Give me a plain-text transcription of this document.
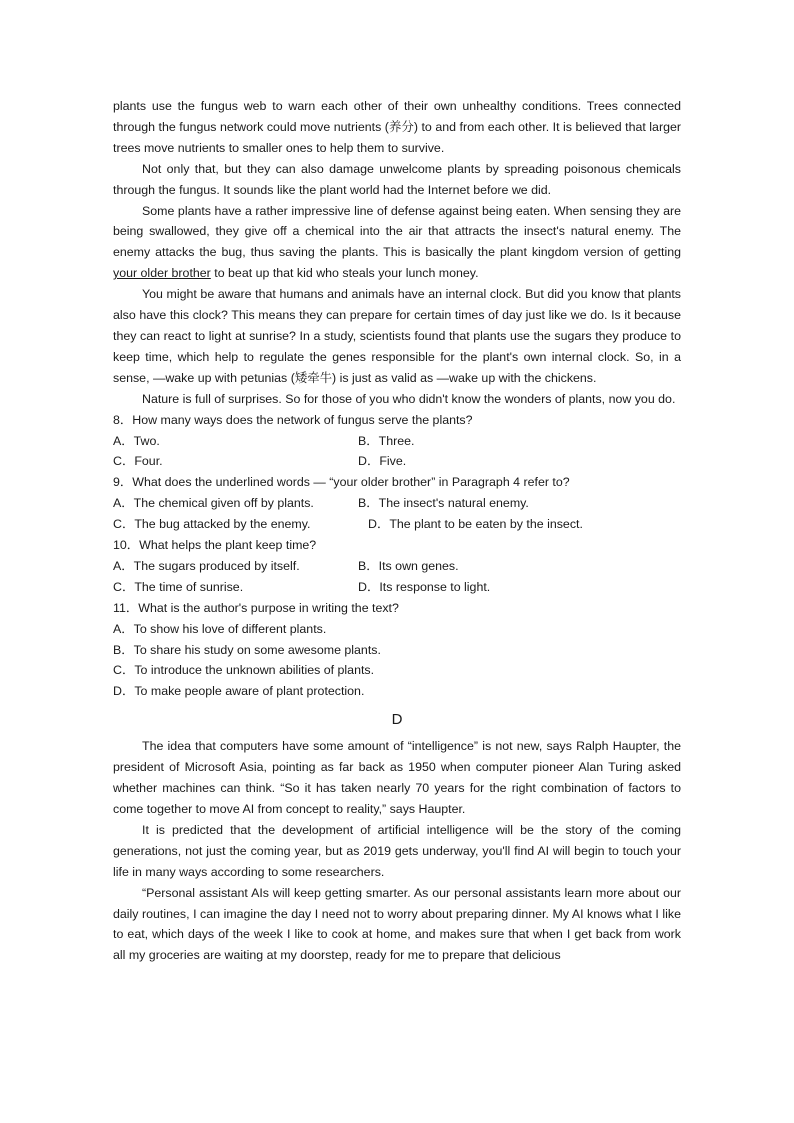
plants use the fungus web to warn each other of their own unhealthy conditions. Trees connected through the fungus network could move nutrients (养分) to and from each other. It is believed that larger trees move nutrients to smaller ones to help them to survive.

Not only that, but they can also damage unwelcome plants by spreading poisonous chemicals through the fungus. It sounds like the plant world had the Internet before we did.

Some plants have a rather impressive line of defense against being eaten. When sensing they are being swallowed, they give off a chemical into the air that attracts the insect's natural enemy. The enemy attacks the bug, thus saving the plants. This is basically the plant kingdom version of getting your older brother to beat up that kid who steals your lunch money.

You might be aware that humans and animals have an internal clock. But did you know that plants also have this clock? This means they can prepare for certain times of day just like we do. Is it because they can react to light at sunrise? In a study, scientists found that plants use the sugars they produce to keep time, which help to regulate the genes responsible for the plant's own internal clock. So, in a sense, —wake up with petunias (矮牵牛) is just as valid as —wake up with the chickens.

Nature is full of surprises. So for those of you who didn't know the wonders of plants, now you do.

8．How many ways does the network of fungus serve the plants?
A．Two.	B．Three.
C．Four.	D．Five.
9．What does the underlined words — “your older brother” in Paragraph 4 refer to?
A．The chemical given off by plants.	B．The insect's natural enemy.
C．The bug attacked by the enemy.	D．The plant to be eaten by the insect.
10．What helps the plant keep time?
A．The sugars produced by itself.	B．Its own genes.
C．The time of sunrise.	D．Its response to light.
11．What is the author's purpose in writing the text?
A．To show his love of different plants.
B．To share his study on some awesome plants.
C．To introduce the unknown abilities of plants.
D．To make people aware of plant protection.
D

The idea that computers have some amount of “intelligence” is not new, says Ralph Haupter, the president of Microsoft Asia, pointing as far back as 1950 when computer pioneer Alan Turing asked whether machines can think. “So it has taken nearly 70 years for the right combination of factors to come together to move AI from concept to reality,” says Haupter.

It is predicted that the development of artificial intelligence will be the story of the coming generations, not just the coming year, but as 2019 gets underway, you'll find AI will begin to touch your life in many ways according to some researchers.

“Personal assistant AIs will keep getting smarter. As our personal assistants learn more about our daily routines, I can imagine the day I need not to worry about preparing dinner. My AI knows what I like to eat, which days of the week I like to cook at home, and makes sure that when I get back from work all my groceries are waiting at my doorstep, ready for me to prepare that delicious
